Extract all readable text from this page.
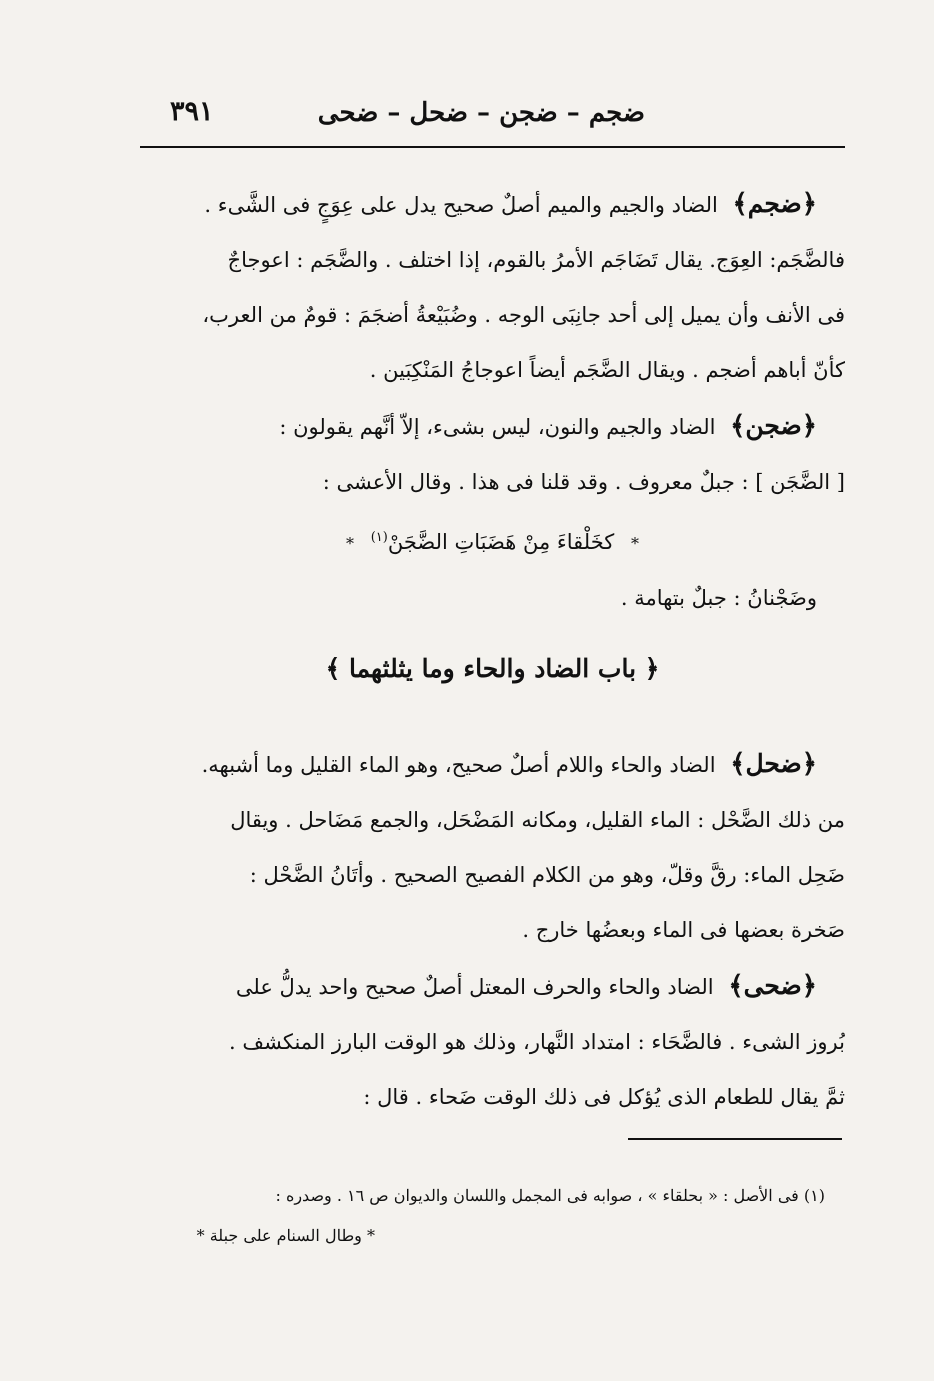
ضجم – ضجن – ضحل – ضحى
٣٩١
﴿ضجم﴾ الضاد والجيم والميم أصلٌ صحيح يدل على عِوَجٍ فى الشَّىء .
فالضَّجَم: العِوَج. يقال تَضَاجَم الأمرُ بالقوم، إذا اختلف . والضَّجَم : اعوجاجٌ
فى الأنف وأن يميل إلى أحد جانِبَى الوجه . وضُبَيْعةُ أضجَمَ : قومٌ من العرب،
كأنّ أباهم أضجم . ويقال الضَّجَم أيضاً اعوجاجُ المَنْكِبَين .
﴿ضجن﴾ الضاد والجيم والنون، ليس بشىء، إلاّ أنَّهم يقولون :
[ الضَّجَن ] : جبلٌ معروف . وقد قلنا فى هذا . وقال الأعشى :
* كخَلْقاءَ مِنْ هَضَبَاتِ الضَّجَنْ$^{(١)}$ *
وضَجْنانُ : جبلٌ بتهامة .
﴿ باب الضاد والحاء وما يثلثهما ﴾
﴿ضحل﴾ الضاد والحاء واللام أصلٌ صحيح، وهو الماء القليل وما أشبهه.
من ذلك الضَّحْل : الماء القليل، ومكانه المَضْحَل، والجمع مَضَاحل . ويقال
ضَحِل الماء: رقَّ وقلّ، وهو من الكلام الفصيح الصحيح . وأتَانُ الضَّحْل :
صَخرة بعضها فى الماء وبعضُها خارج .
﴿ضحى﴾ الضاد والحاء والحرف المعتل أصلٌ صحيح واحد يدلُّ على
بُروز الشىء . فالضَّحَاء : امتداد النَّهار، وذلك هو الوقت البارز المنكشف .
ثمَّ يقال للطعام الذى يُؤكل فى ذلك الوقت ضَحاء . قال :
(١) فى الأصل : « بحلقاء » ، صوابه فى المجمل واللسان والديوان ص ١٦ . وصدره :
* وطال السنام على جبلة *
